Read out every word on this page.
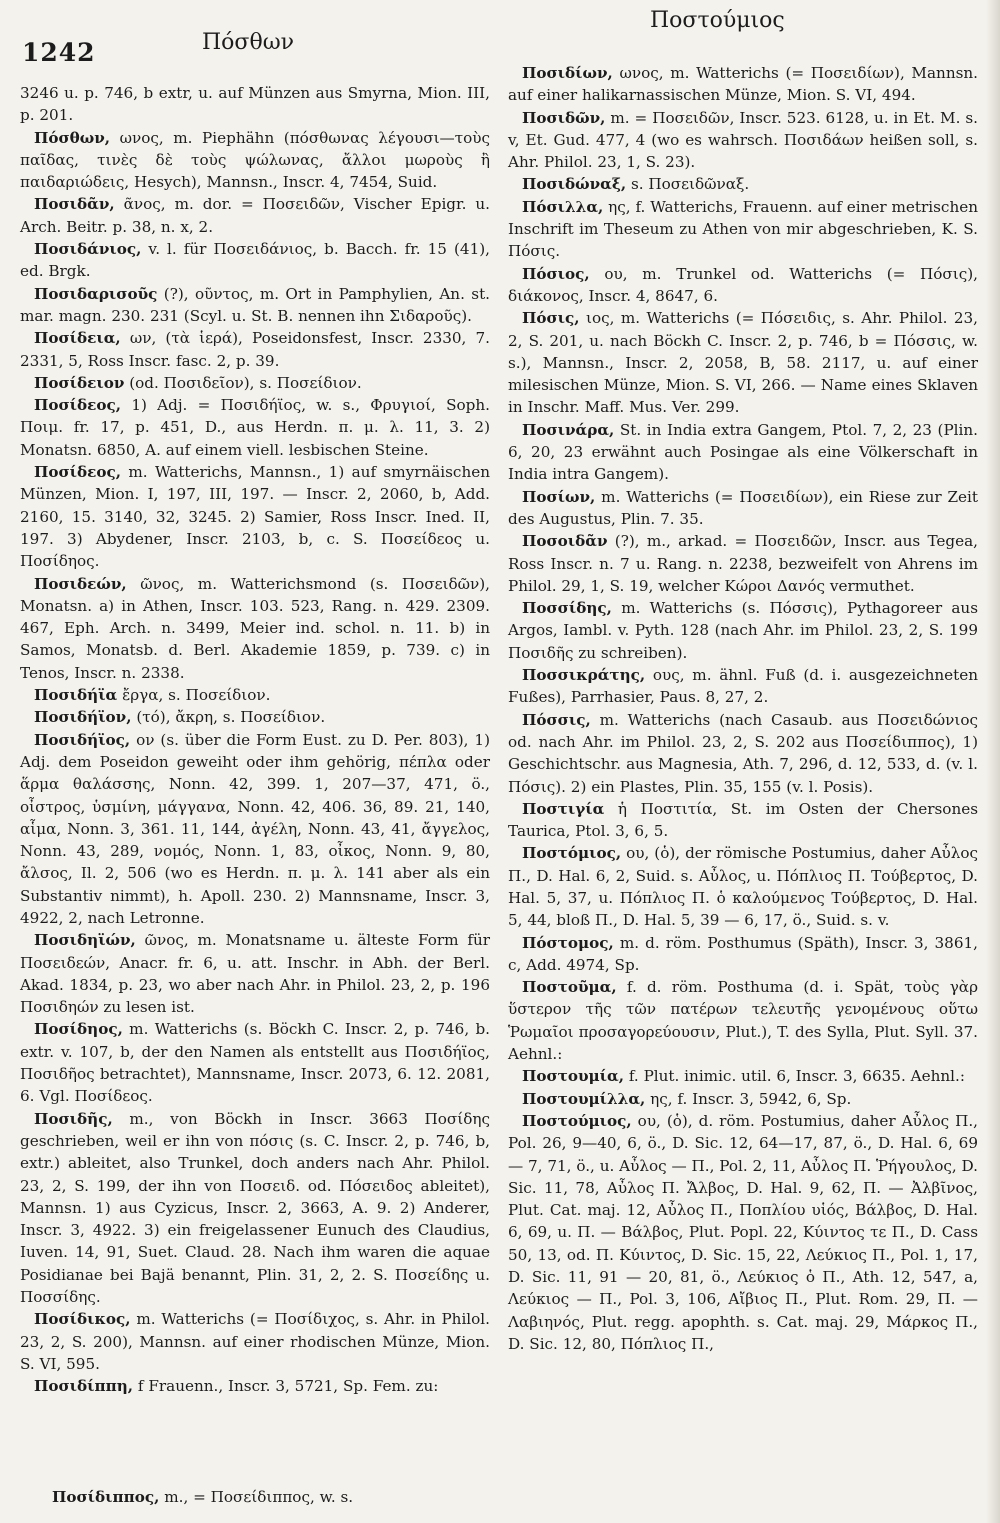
1242	Πόσθων
Ποστούμιος

3246 u. p. 746, b extr, u. auf Münzen aus Smyrna, Mion. III, p. 201.

Πόσθων, ωνος, m. Piephähn (πόσθωνας λέγουσι—τοὺς παῖδας, τινὲς δὲ τοὺς ψώλωνας, ἄλλοι μωροὺς ἢ παιδαριώδεις, Hesych), Mannsn., Inscr. 4, 7454, Suid.

Ποσιδᾶν, ᾶνος, m. dor. = Ποσειδῶν, Vischer Epigr. u. Arch. Beitr. p. 38, n. x, 2.

Ποσιδάνιος, v. l. für Ποσειδάνιος, b. Bacch. fr. 15 (41), ed. Brgk.

Ποσιδαρισοῦς (?), οῦντος, m. Ort in Pamphylien, An. st. mar. magn. 230. 231 (Scyl. u. St. B. nennen ihn Σιδαροῦς).

Ποσίδεια, ων, (τὰ ἱερά), Poseidonsfest, Inscr. 2330, 7. 2331, 5, Ross Inscr. fasc. 2, p. 39.

Ποσίδειον (od. Ποσιδεῖον), s. Ποσείδιον.

Ποσίδεος, 1) Adj. = Ποσιδήϊος, w. s., Φρυγιοί, Soph. Ποιμ. fr. 17, p. 451, D., aus Herdn. π. μ. λ. 11, 3. 2) Monatsn. 6850, A. auf einem viell. lesbischen Steine.

Ποσίδεος, m. Watterichs, Mannsn., 1) auf smyrnäischen Münzen, Mion. I, 197, III, 197. — Inscr. 2, 2060, b, Add. 2160, 15. 3140, 32, 3245. 2) Samier, Ross Inscr. Ined. II, 197. 3) Abydener, Inscr. 2103, b, c. S. Ποσείδεος u. Ποσίδηος.

Ποσιδεών, ῶνος, m. Watterichsmond (s. Ποσειδῶν), Monatsn. a) in Athen, Inscr. 103. 523, Rang. n. 429. 2309. 467, Eph. Arch. n. 3499, Meier ind. schol. n. 11. b) in Samos, Monatsb. d. Berl. Akademie 1859, p. 739. c) in Tenos, Inscr. n. 2338.

Ποσιδήϊα ἔργα, s. Ποσείδιον.

Ποσιδήϊον, (τό), ἄκρη, s. Ποσείδιον.

Ποσιδήϊος, ον (s. über die Form Eust. zu D. Per. 803), 1) Adj. dem Poseidon geweiht oder ihm gehörig, πέπλα oder ἅρμα θαλάσσης, Nonn. 42, 399. 1, 207—37, 471, ö., οἶστρος, ὑσμίνη, μάγγανα, Nonn. 42, 406. 36, 89. 21, 140, αἷμα, Nonn. 3, 361. 11, 144, ἀγέλη, Nonn. 43, 41, ἄγγελος, Nonn. 43, 289, νομός, Nonn. 1, 83, οἶκος, Nonn. 9, 80, ἄλσος, Il. 2, 506 (wo es Herdn. π. μ. λ. 141 aber als ein Substantiv nimmt), h. Apoll. 230. 2) Mannsname, Inscr. 3, 4922, 2, nach Letronne.

Ποσιδηϊών, ῶνος, m. Monatsname u. älteste Form für Ποσειδεών, Anacr. fr. 6, u. att. Inschr. in Abh. der Berl. Akad. 1834, p. 23, wo aber nach Ahr. in Philol. 23, 2, p. 196 Ποσιδηών zu lesen ist.

Ποσίδηος, m. Watterichs (s. Böckh C. Inscr. 2, p. 746, b. extr. v. 107, b, der den Namen als entstellt aus Ποσιδήϊος, Ποσιδῆος betrachtet), Mannsname, Inscr. 2073, 6. 12. 2081, 6. Vgl. Ποσίδεος.

Ποσιδῆς, m., von Böckh in Inscr. 3663 Ποσίδης geschrieben, weil er ihn von πόσις (s. C. Inscr. 2, p. 746, b, extr.) ableitet, also Trunkel, doch anders nach Ahr. Philol. 23, 2, S. 199, der ihn von Ποσειδ. od. Πόσειδος ableitet), Mannsn. 1) aus Cyzicus, Inscr. 2, 3663, A. 9. 2) Anderer, Inscr. 3, 4922. 3) ein freigelassener Eunuch des Claudius, Iuven. 14, 91, Suet. Claud. 28. Nach ihm waren die aquae Posidianae bei Bajä benannt, Plin. 31, 2, 2. S. Ποσείδης u. Ποσσίδης.

Ποσίδικος, m. Watterichs (= Ποσίδιχος, s. Ahr. in Philol. 23, 2, S. 200), Mannsn. auf einer rhodischen Münze, Mion. S. VI, 595.

Ποσιδίππη, f Frauenn., Inscr. 3, 5721, Sp. Fem. zu:

Ποσιδίων, ωνος, m. Watterichs (= Ποσειδίων), Mannsn. auf einer halikarnassischen Münze, Mion. S. VI, 494.

Ποσιδῶν, m. = Ποσειδῶν, Inscr. 523. 6128, u. in Et. M. s. v, Et. Gud. 477, 4 (wo es wahrsch. Ποσιδάων heißen soll, s. Ahr. Philol. 23, 1, S. 23).

Ποσιδώναξ, s. Ποσειδῶναξ.

Πόσιλλα, ης, f. Watterichs, Frauenn. auf einer metrischen Inschrift im Theseum zu Athen von mir abgeschrieben, K. S. Πόσις.

Πόσιος, ου, m. Trunkel od. Watterichs (= Πόσις), διάκονος, Inscr. 4, 8647, 6.

Πόσις, ιος, m. Watterichs (= Πόσειδις, s. Ahr. Philol. 23, 2, S. 201, u. nach Böckh C. Inscr. 2, p. 746, b = Πόσσις, w. s.), Mannsn., Inscr. 2, 2058, B, 58. 2117, u. auf einer milesischen Münze, Mion. S. VI, 266. — Name eines Sklaven in Inschr. Maff. Mus. Ver. 299.

Ποσινάρα, St. in India extra Gangem, Ptol. 7, 2, 23 (Plin. 6, 20, 23 erwähnt auch Posingae als eine Völkerschaft in India intra Gangem).

Ποσίων, m. Watterichs (= Ποσειδίων), ein Riese zur Zeit des Augustus, Plin. 7. 35.

Ποσοιδᾶν (?), m., arkad. = Ποσειδῶν, Inscr. aus Tegea, Ross Inscr. n. 7 u. Rang. n. 2238, bezweifelt von Ahrens im Philol. 29, 1, S. 19, welcher Κώροι Δανός vermuthet.

Ποσσίδης, m. Watterichs (s. Πόσσις), Pythagoreer aus Argos, Iambl. v. Pyth. 128 (nach Ahr. im Philol. 23, 2, S. 199 Ποσιδῆς zu schreiben).

Ποσσικράτης, ους, m. ähnl. Fuß (d. i. ausgezeichneten Fußes), Parrhasier, Paus. 8, 27, 2.

Πόσσις, m. Watterichs (nach Casaub. aus Ποσειδώνιος od. nach Ahr. im Philol. 23, 2, S. 202 aus Ποσείδιππος), 1) Geschichtschr. aus Magnesia, Ath. 7, 296, d. 12, 533, d. (v. l. Πόσις). 2) ein Plastes, Plin. 35, 155 (v. l. Posis).

Ποστιγία ἡ Ποστιτία, St. im Osten der Chersones Taurica, Ptol. 3, 6, 5.

Ποστόμιος, ου, (ὁ), der römische Postumius, daher Αὖλος Π., D. Hal. 6, 2, Suid. s. Αὖλος, u. Πόπλιος Π. Τούβερτος, D. Hal. 5, 37, u. Πόπλιος Π. ὁ καλούμενος Τούβερτος, D. Hal. 5, 44, bloß Π., D. Hal. 5, 39 — 6, 17, ö., Suid. s. v.

Πόστομος, m. d. röm. Posthumus (Späth), Inscr. 3, 3861, c, Add. 4974, Sp.

Ποστοῦμα, f. d. röm. Posthuma (d. i. Spät, τοὺς γὰρ ὕστερον τῆς τῶν πατέρων τελευτῆς γενομένους οὕτω Ῥωμαῖοι προσαγορεύουσιν, Plut.), T. des Sylla, Plut. Syll. 37. Aehnl.:

Ποστουμία, f. Plut. inimic. util. 6, Inscr. 3, 6635. Aehnl.:

Ποστουμίλλα, ης, f. Inscr. 3, 5942, 6, Sp.

Ποστούμιος, ου, (ὁ), d. röm. Postumius, daher Αὖλος Π., Pol. 26, 9—40, 6, ö., D. Sic. 12, 64—17, 87, ö., D. Hal. 6, 69 — 7, 71, ö., u. Αὖλος — Π., Pol. 2, 11, Αὖλος Π. Ῥήγουλος, D. Sic. 11, 78, Αὖλος Π. Ἄλβος, D. Hal. 9, 62, Π. — Ἀλβῖνος, Plut. Cat. maj. 12, Αὖλος Π., Ποπλίου υἱός, Βάλβος, D. Hal. 6, 69, u. Π. — Βάλβος, Plut. Popl. 22, Κύιντος τε Π., D. Cass 50, 13, od. Π. Κύιντος, D. Sic. 15, 22, Λεύκιος Π., Pol. 1, 17, D. Sic. 11, 91 — 20, 81, ö., Λεύκιος ὁ Π., Ath. 12, 547, a, Λεύκιος — Π., Pol. 3, 106, Αἴβιος Π., Plut. Rom. 29, Π. — Λαβιηνός, Plut. regg. apophth. s. Cat. maj. 29, Μάρκος Π., D. Sic. 12, 80, Πόπλιος Π.,

Ποσίδιππος, m., = Ποσείδιππος, w. s.
